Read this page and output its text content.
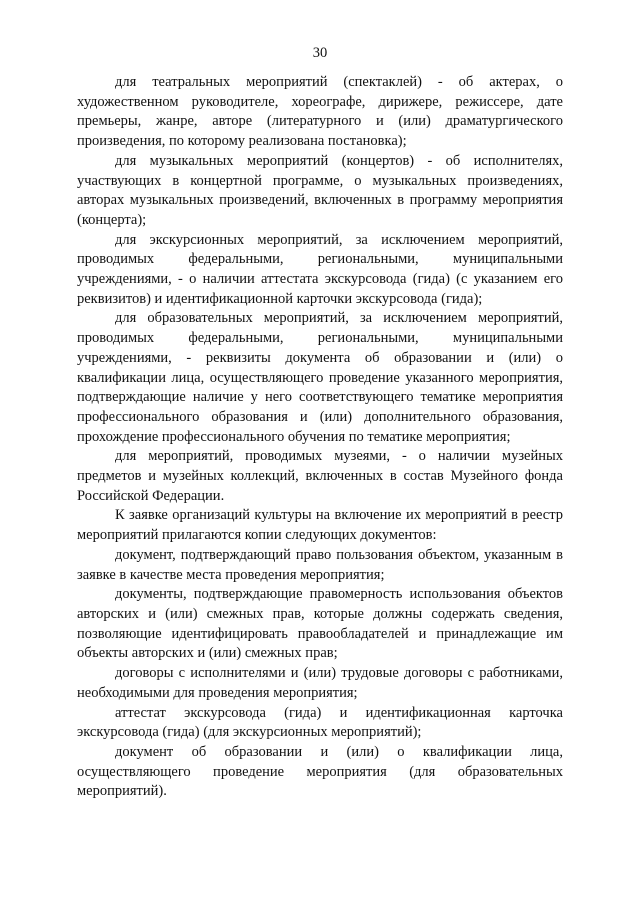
30

для театральных мероприятий (спектаклей) - об актерах, о художественном руководителе, хореографе, дирижере, режиссере, дате премьеры, жанре, авторе (литературного и (или) драматургического произведения, по которому реализована постановка);

для музыкальных мероприятий (концертов) - об исполнителях, участвующих в концертной программе, о музыкальных произведениях, авторах музыкальных произведений, включенных в программу мероприятия (концерта);

для экскурсионных мероприятий, за исключением мероприятий, проводимых федеральными, региональными, муниципальными учреждениями, - о наличии аттестата экскурсовода (гида) (с указанием его реквизитов) и идентификационной карточки экскурсовода (гида);

для образовательных мероприятий, за исключением мероприятий, проводимых федеральными, региональными, муниципальными учреждениями, - реквизиты документа об образовании и (или) о квалификации лица, осуществляющего проведение указанного мероприятия, подтверждающие наличие у него соответствующего тематике мероприятия профессионального образования и (или) дополнительного образования, прохождение профессионального обучения по тематике мероприятия;

для мероприятий, проводимых музеями, - о наличии музейных предметов и музейных коллекций, включенных в состав Музейного фонда Российской Федерации.

К заявке организаций культуры на включение их мероприятий в реестр мероприятий прилагаются копии следующих документов:

документ, подтверждающий право пользования объектом, указанным в заявке в качестве места проведения мероприятия;

документы, подтверждающие правомерность использования объектов авторских и (или) смежных прав, которые должны содержать сведения, позволяющие идентифицировать правообладателей и принадлежащие им объекты авторских и (или) смежных прав;

договоры с исполнителями и (или) трудовые договоры с работниками, необходимыми для проведения мероприятия;

аттестат экскурсовода (гида) и идентификационная карточка экскурсовода (гида) (для экскурсионных мероприятий);

документ об образовании и (или) о квалификации лица, осуществляющего проведение мероприятия (для образовательных мероприятий).
